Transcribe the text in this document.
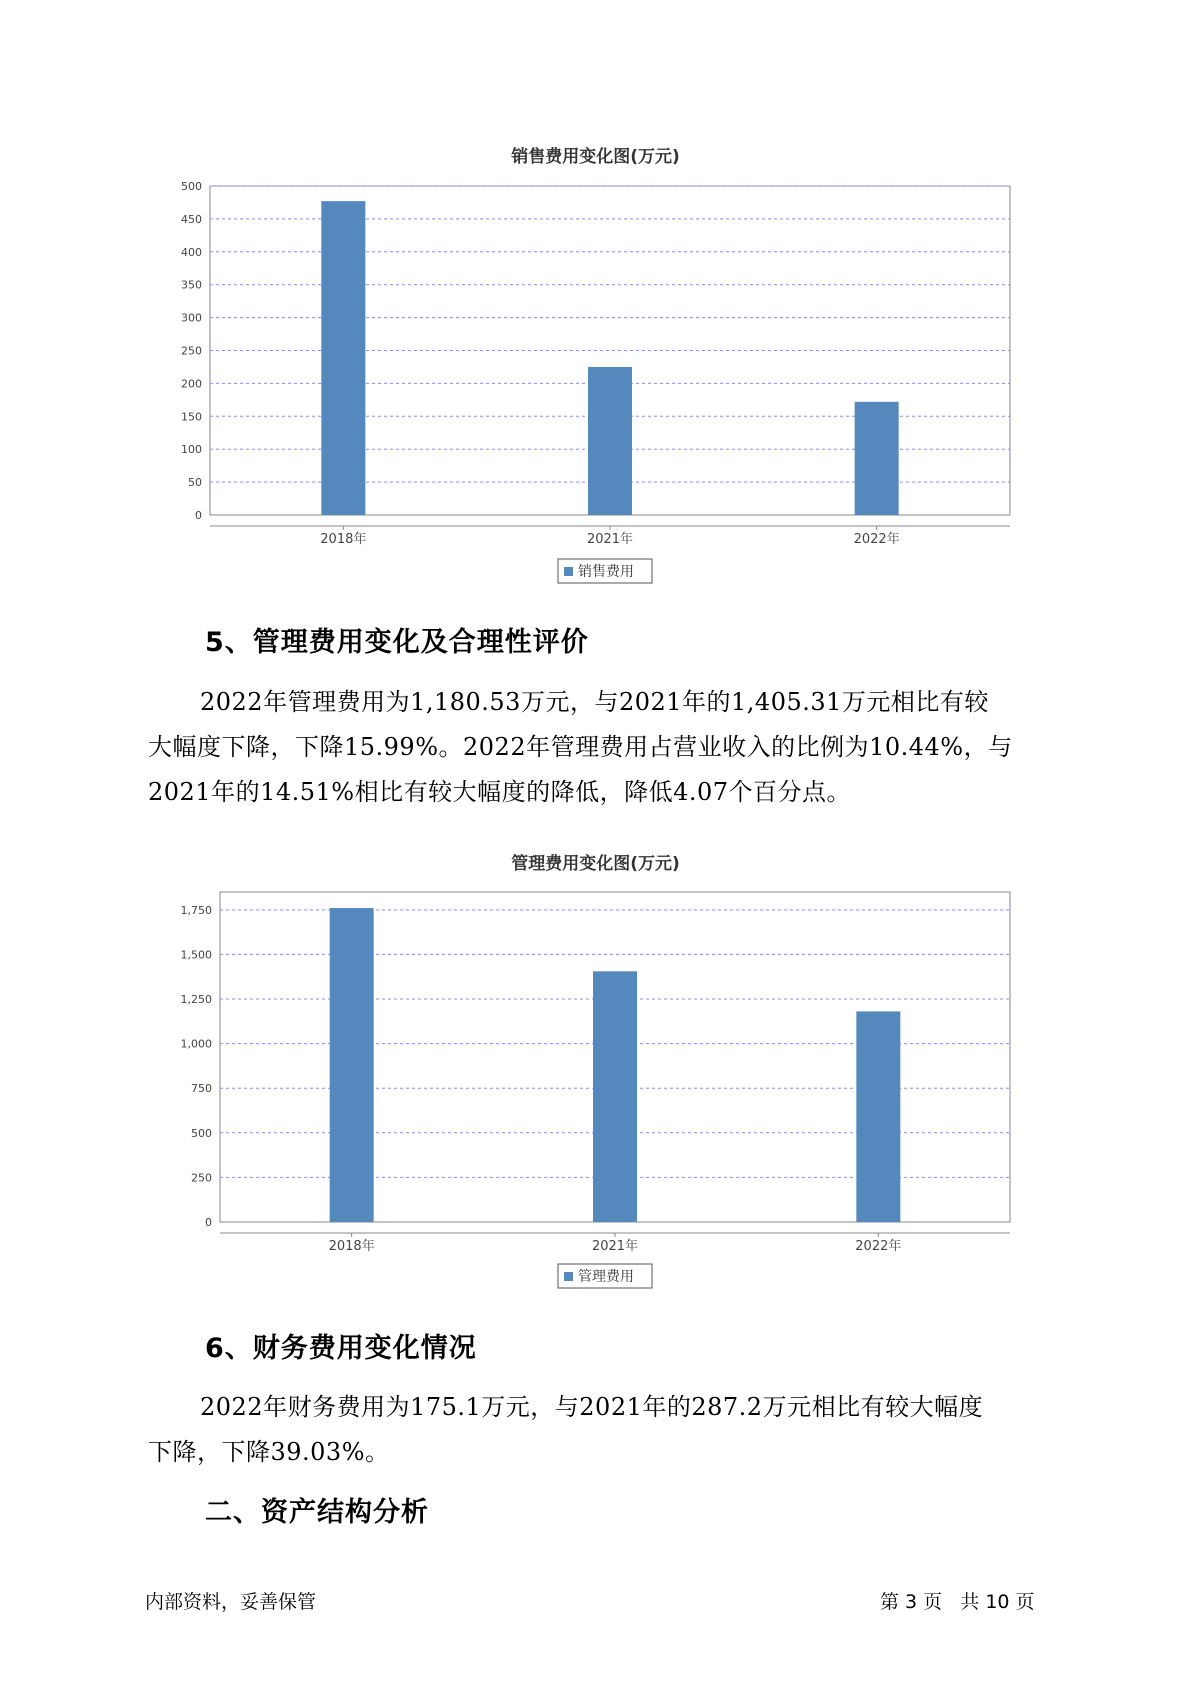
销售费用变化图(万元)
0
50
100
150
200
250
300
350
400
450
500
2018年	2021年	2022年
销售费用
5、管理费用变化及合理性评价
2022年管理费用为1,180.53万元，与2021年的1,405.31万元相比有较
大幅度下降，下降15.99%。2022年管理费用占营业收入的比例为10.44%，与2021年的14.51%相比有较大幅度的降低，降低4.07个百分点。
管理费用变化图(万元)
0
250
500
750
1,000
1,250
1,500
1,750
2018年	2021年	2022年
管理费用
6、财务费用变化情况
2022年财务费用为175.1万元，与2021年的287.2万元相比有较大幅度
下降，下降39.03%。
二、资产结构分析
内部资料，妥善保管	第 3 页   共 10 页
